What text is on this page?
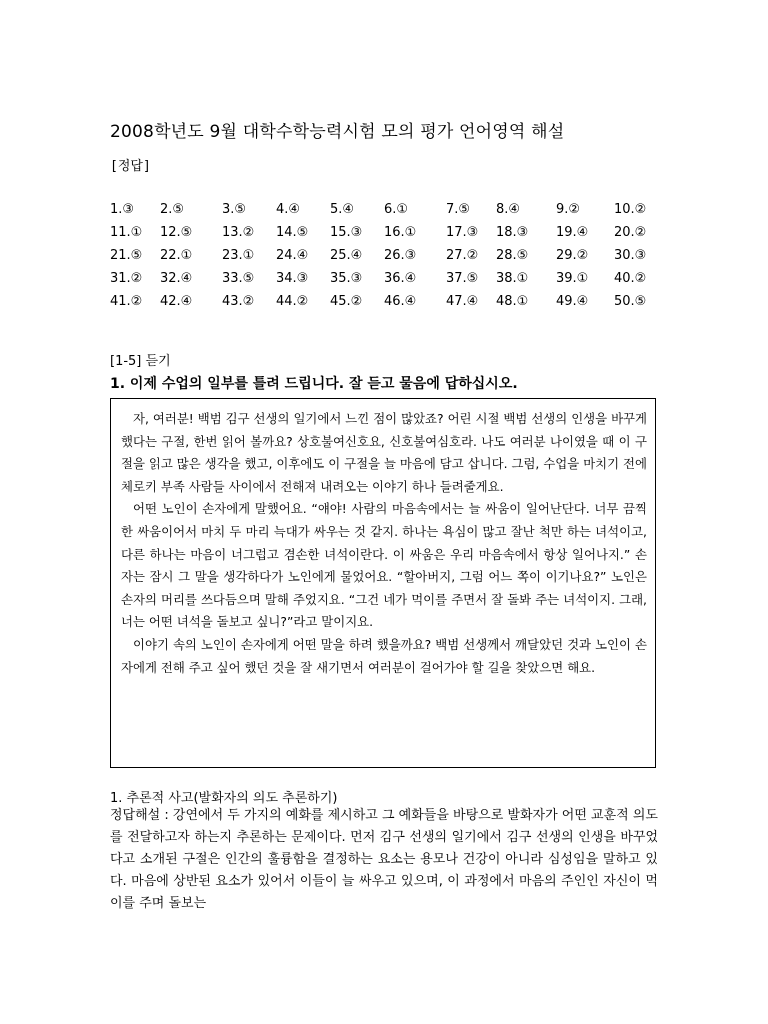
2008학년도 9월 대학수학능력시험 모의 평가 언어영역 해설
[정답]
1.③	2.⑤	3.⑤	4.④	5.④	6.①	7.⑤	8.④	9.②	10.②
11.①	12.⑤	13.②	14.⑤	15.③	16.①	17.③	18.③	19.④	20.②
21.⑤	22.①	23.①	24.④	25.④	26.③	27.②	28.⑤	29.②	30.③
31.②	32.④	33.⑤	34.③	35.③	36.④	37.⑤	38.①	39.①	40.②
41.②	42.④	43.②	44.②	45.②	46.④	47.④	48.①	49.④	50.⑤
[1-5] 듣기
1. 이제 수업의 일부를 틀려 드립니다. 잘 듣고 물음에 답하십시오.

자, 여러분! 백범 김구 선생의 일기에서 느낀 점이 많았죠? 어린 시절 백범 선생의 인생을 바꾸게 했다는 구절, 한번 읽어 볼까요? 상호불여신호요, 신호불여심호라. 나도 여러분 나이였을 때 이 구절을 읽고 많은 생각을 했고, 이후에도 이 구절을 늘 마음에 담고 삽니다. 그럼, 수업을 마치기 전에 체로키 부족 사람들 사이에서 전해져 내려오는 이야기 하나 들려줄게요.

어떤 노인이 손자에게 말했어요. “얘야! 사람의 마음속에서는 늘 싸움이 일어난단다. 너무 끔찍한 싸움이어서 마치 두 마리 늑대가 싸우는 것 같지. 하나는 욕심이 많고 잘난 척만 하는 녀석이고, 다른 하나는 마음이 너그럽고 겸손한 녀석이란다. 이 싸움은 우리 마음속에서 항상 일어나지.” 손자는 잠시 그 말을 생각하다가 노인에게 물었어요. “할아버지, 그럼 어느 쪽이 이기나요?” 노인은 손자의 머리를 쓰다듬으며 말해 주었지요. “그건 네가 먹이를 주면서 잘 돌봐 주는 녀석이지. 그래, 너는 어떤 녀석을 돌보고 싶니?”라고 말이지요.

이야기 속의 노인이 손자에게 어떤 말을 하려 했을까요? 백범 선생께서 깨달았던 것과 노인이 손자에게 전해 주고 싶어 했던 것을 잘 새기면서 여러분이 걸어가야 할 길을 찾았으면 해요.

1. 추론적 사고(발화자의 의도 추론하기)
정답해설 : 강연에서 두 가지의 예화를 제시하고 그 예화들을 바탕으로 발화자가 어떤 교훈적 의도를 전달하고자 하는지 추론하는 문제이다. 먼저 김구 선생의 일기에서 김구 선생의 인생을 바꾸었다고 소개된 구절은 인간의 훌륭함을 결정하는 요소는 용모나 건강이 아니라 심성임을 말하고 있다. 마음에 상반된 요소가 있어서 이들이 늘 싸우고 있으며, 이 과정에서 마음의 주인인 자신이 먹이를 주며 돌보는
